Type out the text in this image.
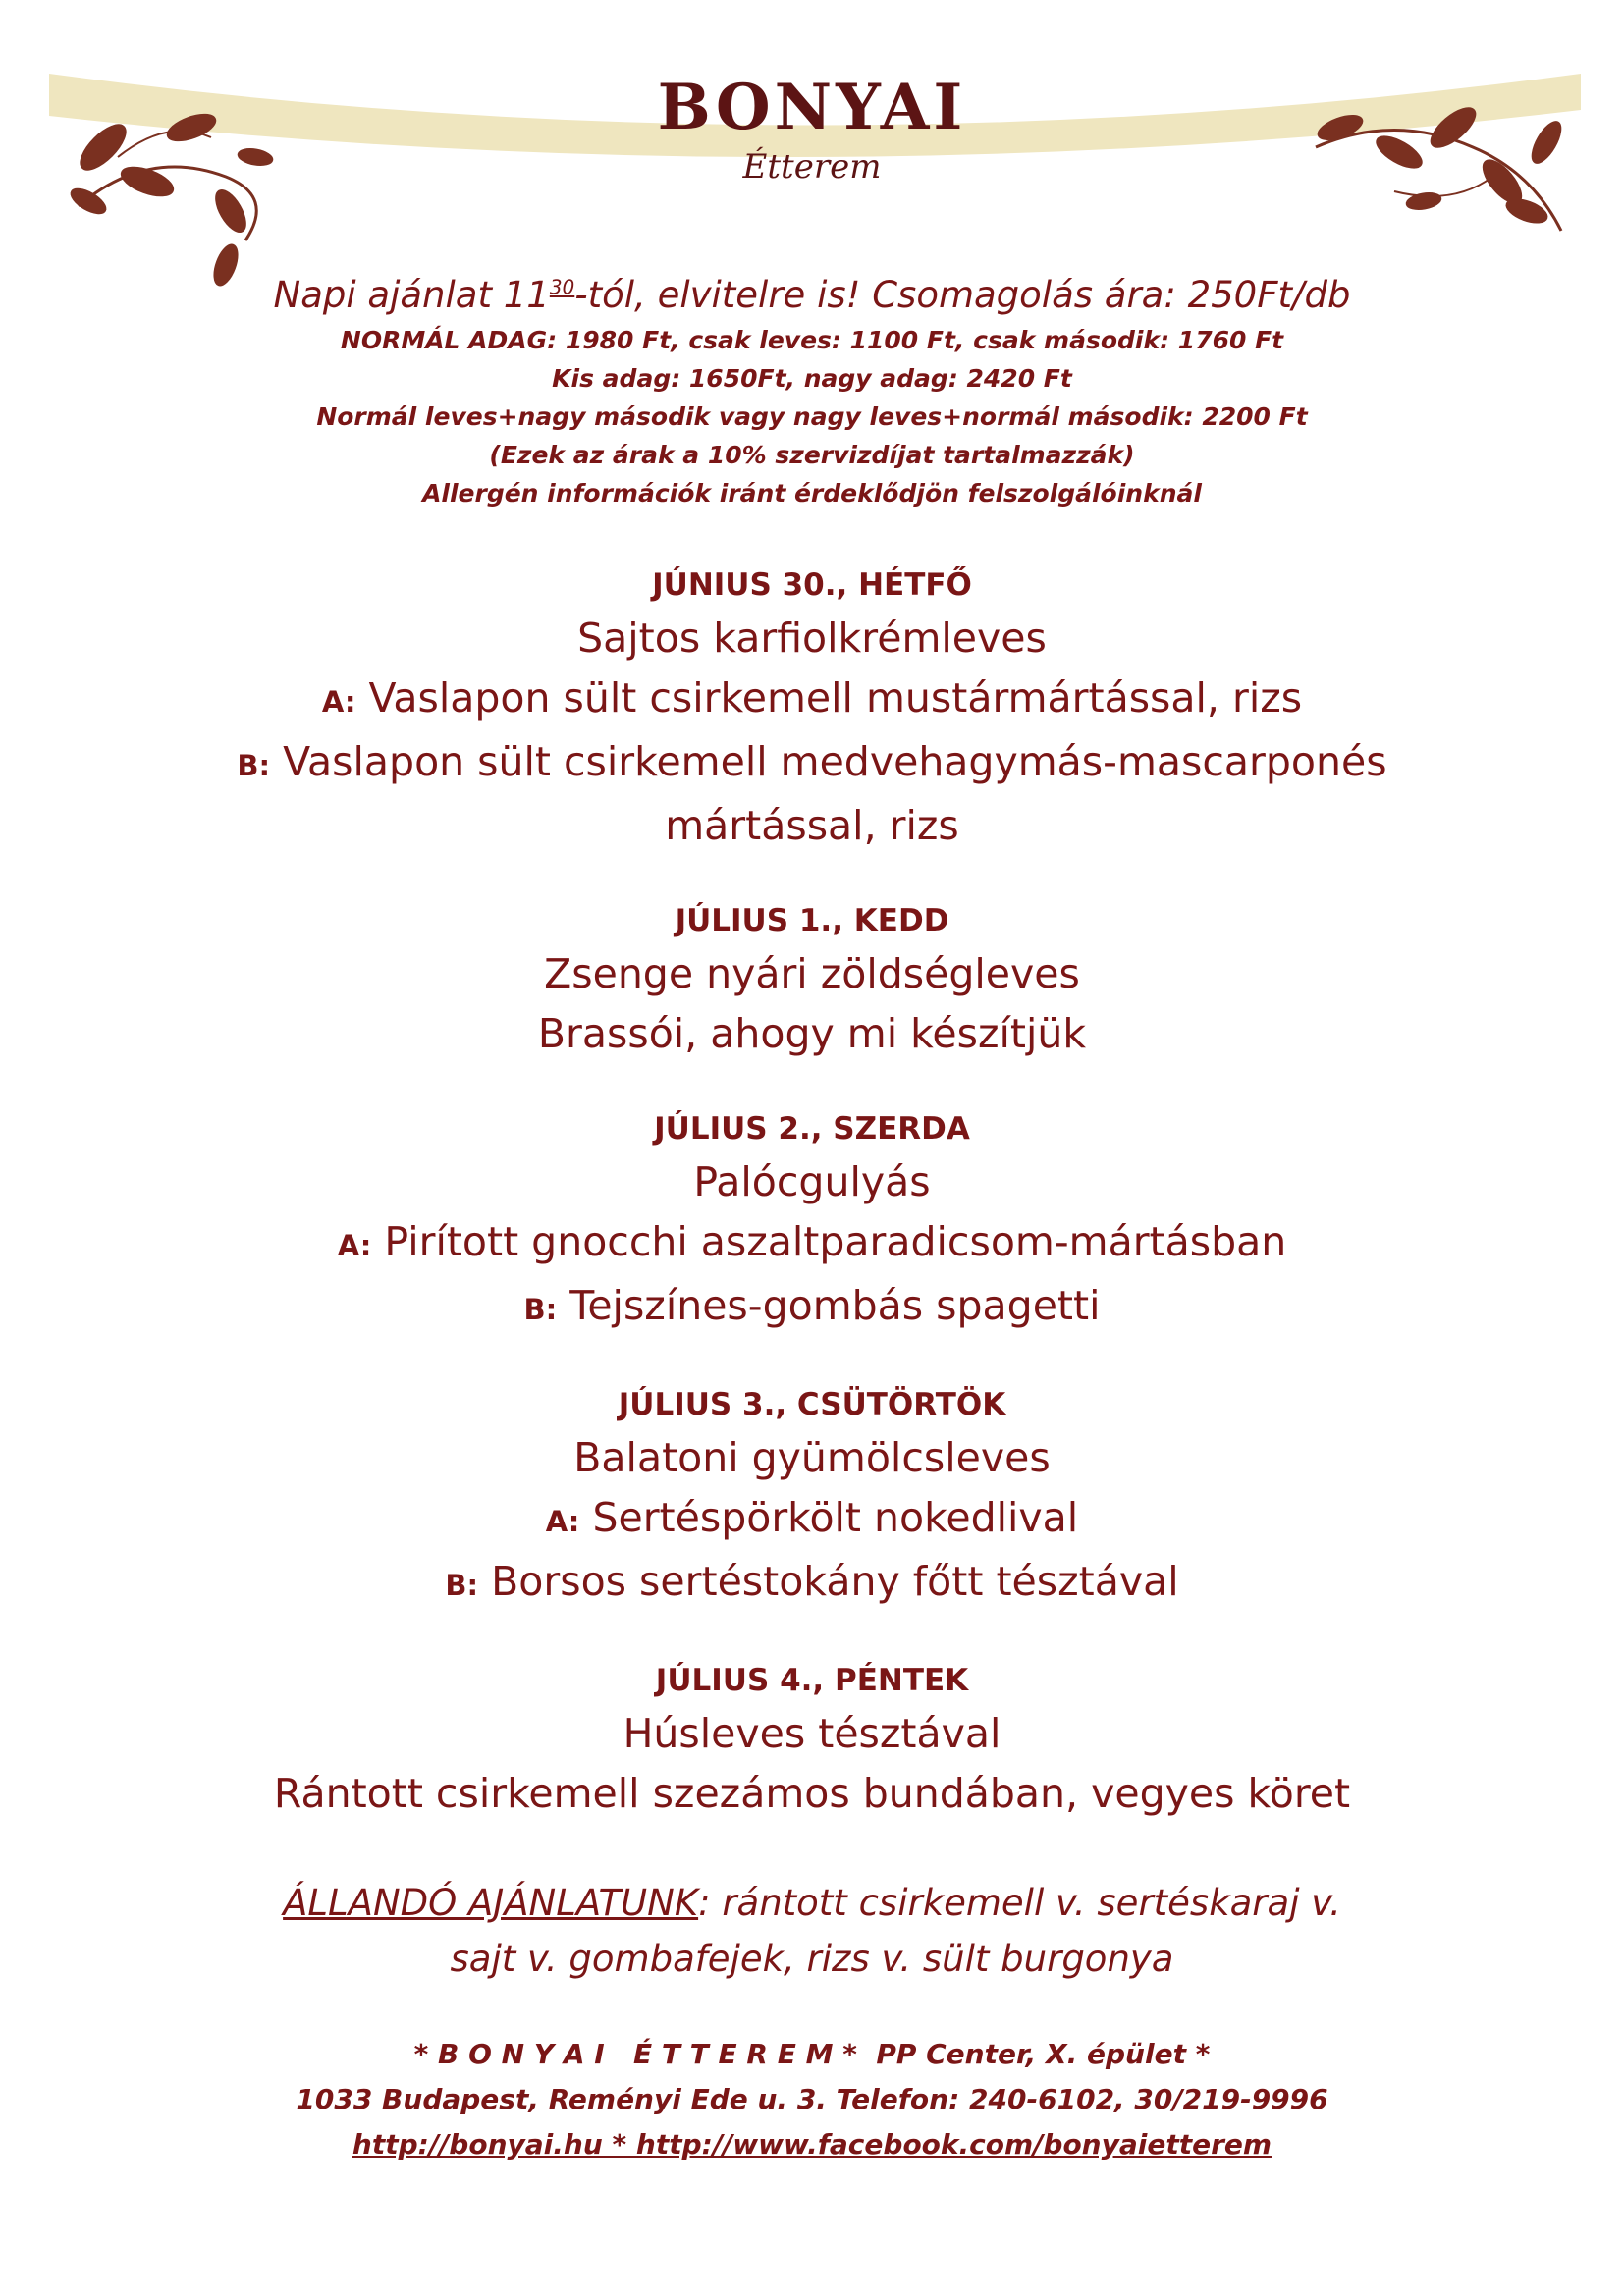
BONYAI
Étterem
Napi ajánlat $11^{30}$-tól, elvitelre is! Csomagolás ára: 250Ft/db
NORMÁL ADAG: 1980 Ft, csak leves: 1100 Ft, csak második: 1760 Ft
Kis adag: 1650Ft, nagy adag: 2420 Ft
Normál leves+nagy második vagy nagy leves+normál második: 2200 Ft
(Ezek az árak a 10% szervizdíjat tartalmazzák)
Allergén információk iránt érdeklődjön felszolgálóinknál
JÚNIUS 30., HÉTFŐ
Sajtos karfiolkrémleves
A: Vaslapon sült csirkemell mustármártással, rizs
B: Vaslapon sült csirkemell medvehagymás-mascarponés
mártással, rizs
JÚLIUS 1., KEDD
Zsenge nyári zöldségleves
Brassói, ahogy mi készítjük
JÚLIUS 2., SZERDA
Palócgulyás
A: Pirított gnocchi aszaltparadicsom-mártásban
B: Tejszínes-gombás spagetti
JÚLIUS 3., CSÜTÖRTÖK
Balatoni gyümölcsleves
A: Sertéspörkölt nokedlival
B: Borsos sertéstokány főtt tésztával
JÚLIUS 4., PÉNTEK
Húsleves tésztával
Rántott csirkemell szezámos bundában, vegyes köret
ÁLLANDÓ AJÁNLATUNK: rántott csirkemell v. sertéskaraj v.
sajt v. gombafejek, rizs v. sült burgonya
* B O N Y A I   É T T E R E M *  PP Center, X. épület *
1033 Budapest, Reményi Ede u. 3. Telefon: 240-6102, 30/219-9996
http://bonyai.hu * http://www.facebook.com/bonyaietterem
